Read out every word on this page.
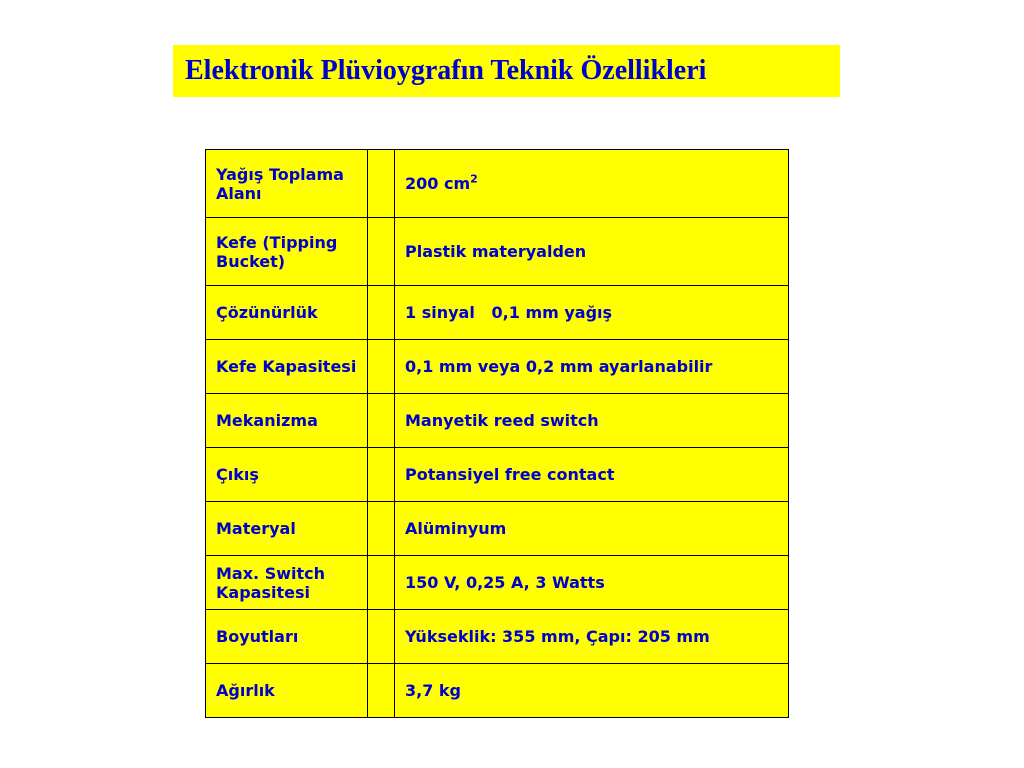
Elektronik Plüvioygrafın Teknik Özellikleri
Yağış Toplama Alanı		200 $cm^2$
Kefe (Tipping Bucket)		Plastik materyalden
Çözünürlük		1 sinyal   0,1 mm yağış
Kefe Kapasitesi		0,1 mm veya 0,2 mm ayarlanabilir
Mekanizma		Manyetik reed switch
Çıkış		Potansiyel free contact
Materyal		Alüminyum
Max. Switch Kapasitesi		150 V, 0,25 A, 3 Watts
Boyutları		Yükseklik: 355 mm, Çapı: 205 mm
Ağırlık		3,7 kg
